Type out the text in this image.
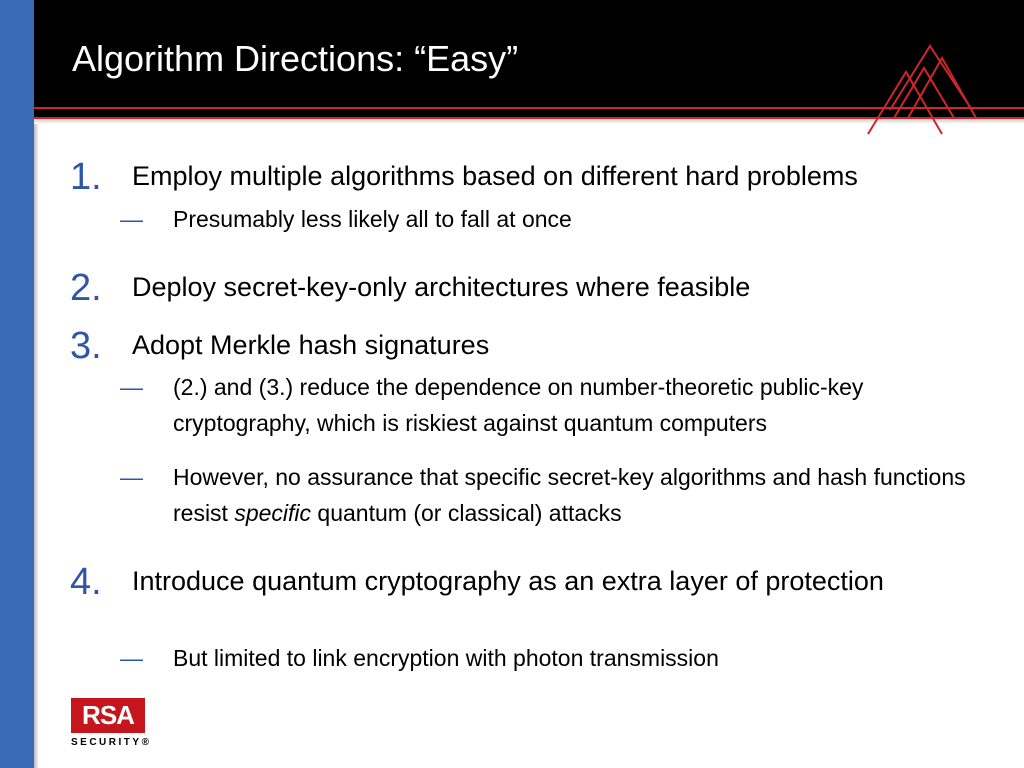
Algorithm Directions: “Easy”
1. Employ multiple algorithms based on different hard problems
— Presumably less likely all to fall at once
2. Deploy secret-key-only architectures where feasible
3. Adopt Merkle hash signatures
— (2.) and (3.) reduce the dependence on number-theoretic public-key cryptography, which is riskiest against quantum computers
— However, no assurance that specific secret-key algorithms and hash functions resist specific quantum (or classical) attacks
4. Introduce quantum cryptography as an extra layer of protection
— But limited to link encryption with photon transmission
RSA
SECURITY®
